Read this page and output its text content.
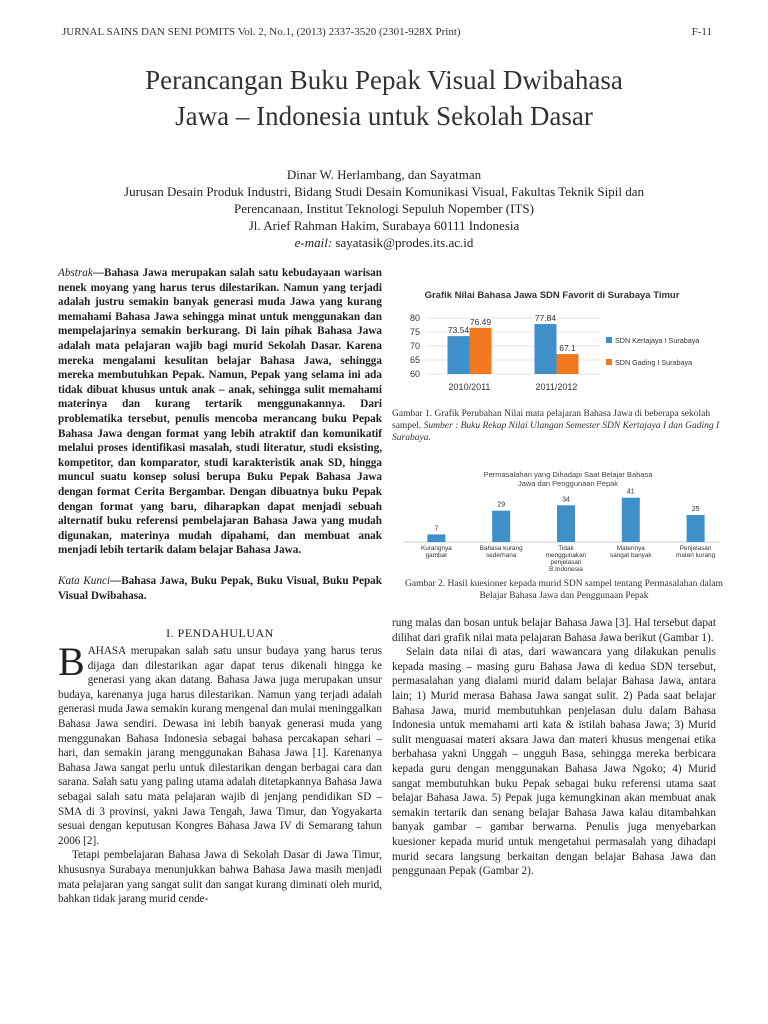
JURNAL SAINS DAN SENI POMITS Vol. 2, No.1, (2013) 2337-3520 (2301-928X Print)	F-11
Perancangan Buku Pepak Visual Dwibahasa
Jawa – Indonesia untuk Sekolah Dasar
Dinar W. Herlambang, dan Sayatman
Jurusan Desain Produk Industri, Bidang Studi Desain Komunikasi Visual, Fakultas Teknik Sipil dan
Perencanaan, Institut Teknologi Sepuluh Nopember (ITS)
Jl. Arief Rahman Hakim, Surabaya 60111 Indonesia
e-mail: sayatasik@prodes.its.ac.id
Abstrak—Bahasa Jawa merupakan salah satu kebudayaan warisan nenek moyang yang harus terus dilestarikan. Namun yang terjadi adalah justru semakin banyak generasi muda Jawa yang kurang memahami Bahasa Jawa sehingga minat untuk menggunakan dan mempelajarinya semakin berkurang. Di lain pihak Bahasa Jawa adalah mata pelajaran wajib bagi murid Sekolah Dasar. Karena mereka mengalami kesulitan belajar Bahasa Jawa, sehingga mereka membutuhkan Pepak. Namun, Pepak yang selama ini ada tidak dibuat khusus untuk anak – anak, sehingga sulit memahami materinya dan kurang tertarik menggunakannya. Dari problematika tersebut, penulis mencoba merancang buku Pepak Bahasa Jawa dengan format yang lebih atraktif dan komunikatif melalui proses identifikasi masalah, studi literatur, studi eksisting, kompetitor, dan komparator, studi karakteristik anak SD, hingga muncul suatu konsep solusi berupa Buku Pepak Bahasa Jawa dengan format Cerita Bergambar. Dengan dibuatnya buku Pepak dengan format yang baru, diharapkan dapat menjadi sebuah alternatif buku referensi pembelajaran Bahasa Jawa yang mudah digunakan, materinya mudah dipahami, dan membuat anak menjadi lebih tertarik dalam belajar Bahasa Jawa.
Kata Kunci—Bahasa Jawa, Buku Pepak, Buku Visual, Buku Pepak Visual Dwibahasa.
I. PENDAHULUAN

BAHASA merupakan salah satu unsur budaya yang harus terus dijaga dan dilestarikan agar dapat terus dikenali hingga ke generasi yang akan datang. Bahasa Jawa juga merupakan unsur budaya, karenanya juga harus dilestarikan. Namun yang terjadi adalah generasi muda Jawa semakin kurang mengenal dan mulai meninggalkan Bahasa Jawa sendiri. Dewasa ini lebih banyak generasi muda yang menggunakan Bahasa Indonesia sebagai bahasa percakapan sehari – hari, dan semakin jarang menggunakan Bahasa Jawa [1]. Karenanya Bahasa Jawa sangat perlu untuk dilestarikan dengan berbagai cara dan sarana. Salah satu yang paling utama adalah ditetapkannya Bahasa Jawa sebagai salah satu mata pelajaran wajib di jenjang pendidikan SD – SMA di 3 provinsi, yakni Jawa Tengah, Jawa Timur, dan Yogyakarta sesuai dengan keputusan Kongres Bahasa Jawa IV di Semarang tahun 2006 [2].

Tetapi pembelajaran Bahasa Jawa di Sekolah Dasar di Jawa Timur, khususnya Surabaya menunjukkan bahwa Bahasa Jawa masih menjadi mata pelajaran yang sangat sulit dan sangat kurang diminati oleh murid, bahkan tidak jarang murid cende-

Grafik Nilai Bahasa Jawa SDN Favorit di Surabaya Timur
80
75
70
65
60
73.54
76.49
2010/2011
77.84
67.1
2011/2012
SDN Kertajaya I Surabaya
SDN Gading I Surabaya
Gambar 1. Grafik Perubahan Nilai mata pelajaran Bahasa Jawa di beberapa sekolah sampel. Sumber : Buku Rekap Nilai Ulangan Semester SDN Kertajaya I dan Gading I Surabaya.
Permasalahan yang Dihadapi Saat Belajar Bahasa
Jawa dan Penggunaan Pepak
7
Kurangnya
gambar
29
Bahasa kurang
sederhana
34
Tidak
menggunakan
penjelasan
B.Indonesia
41
Materinya
sangat banyak
25
Penjelasan
materi kurang
Gambar 2. Hasil kuesioner kepada murid SDN sampel tentang Permasalahan dalam Belajar Bahasa Jawa dan Penggunaan Pepak

rung malas dan bosan untuk belajar Bahasa Jawa [3]. Hal tersebut dapat dilihat dari grafik nilai mata pelajaran Bahasa Jawa berikut (Gambar 1).

Selain data nilai di atas, dari wawancara yang dilakukan penulis kepada masing – masing guru Bahasa Jawa di kedua SDN tersebut, permasalahan yang dialami murid dalam belajar Bahasa Jawa, antara lain; 1) Murid merasa Bahasa Jawa sangat sulit. 2) Pada saat belajar Bahasa Jawa, murid membutuhkan penjelasan dulu dalam Bahasa Indonesia untuk memahami arti kata & istilah bahasa Jawa; 3) Murid sulit menguasai materi aksara Jawa dan materi khusus mengenai etika berbahasa yakni Unggah – ungguh Basa, sehingga mereka berbicara kepada guru dengan menggunakan Bahasa Jawa Ngoko; 4) Murid sangat membutuhkan buku Pepak sebagai buku referensi utama saat belajar Bahasa Jawa. 5) Pepak juga kemungkinan akan membuat anak semakin tertarik dan senang belajar Bahasa Jawa kalau ditambahkan banyak gambar – gambar berwarna. Penulis juga menyebarkan kuesioner kepada murid untuk mengetahui permasalah yang dihadapi murid secara langsung berkaitan dengan belajar Bahasa Jawa dan penggunaan Pepak (Gambar 2).
